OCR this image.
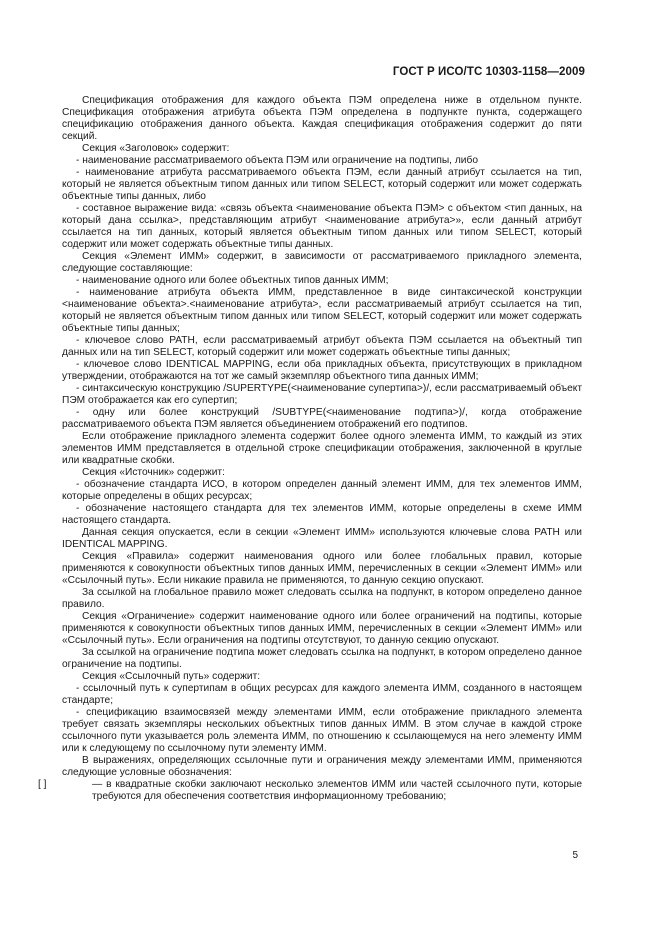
ГОСТ Р ИСО/ТС 10303-1158—2009

Спецификация отображения для каждого объекта ПЭМ определена ниже в отдельном пункте. Спецификация отображения атрибута объекта ПЭМ определена в подпункте пункта, содержащего спецификацию отображения данного объекта. Каждая спецификация отображения содержит до пяти секций.

Секция «Заголовок» содержит:

- наименование рассматриваемого объекта ПЭМ или ограничение на подтипы, либо

- наименование атрибута рассматриваемого объекта ПЭМ, если данный атрибут ссылается на тип, который не является объектным типом данных или типом SELECT, который содержит или может содержать объектные типы данных, либо

- составное выражение вида: «связь объекта <наименование объекта ПЭМ> с объектом <тип данных, на который дана ссылка>, представляющим атрибут <наименование атрибута>», если данный атрибут ссылается на тип данных, который является объектным типом данных или типом SELECT, который содержит или может содержать объектные типы данных.

Секция «Элемент ИММ» содержит, в зависимости от рассматриваемого прикладного элемента, следующие составляющие:

- наименование одного или более объектных типов данных ИММ;

- наименование атрибута объекта ИММ, представленное в виде синтаксической конструкции <наименование объекта>.<наименование атрибута>, если рассматриваемый атрибут ссылается на тип, который не является объектным типом данных или типом SELECT, который содержит или может содержать объектные типы данных;

- ключевое слово PATH, если рассматриваемый атрибут объекта ПЭМ ссылается на объектный тип данных или на тип SELECT, который содержит или может содержать объектные типы данных;

- ключевое слово IDENTICAL MAPPING, если оба прикладных объекта, присутствующих в прикладном утверждении, отображаются на тот же самый экземпляр объектного типа данных ИММ;

- синтаксическую конструкцию /SUPERTYPE(<наименование супертипа>)/, если рассматриваемый объект ПЭМ отображается как его супертип;

- одну или более конструкций /SUBTYPE(<наименование подтипа>)/, когда отображение рассматриваемого объекта ПЭМ является объединением отображений его подтипов.

Если отображение прикладного элемента содержит более одного элемента ИММ, то каждый из этих элементов ИММ представляется в отдельной строке спецификации отображения, заключенной в круглые или квадратные скобки.

Секция «Источник» содержит:

- обозначение стандарта ИСО, в котором определен данный элемент ИММ, для тех элементов ИММ, которые определены в общих ресурсах;

- обозначение настоящего стандарта для тех элементов ИММ, которые определены в схеме ИММ настоящего стандарта.

Данная секция опускается, если в секции «Элемент ИММ» используются ключевые слова PATH или IDENTICAL MAPPING.

Секция «Правила» содержит наименования одного или более глобальных правил, которые применяются к совокупности объектных типов данных ИММ, перечисленных в секции «Элемент ИММ» или «Ссылочный путь». Если никакие правила не применяются, то данную секцию опускают.

За ссылкой на глобальное правило может следовать ссылка на подпункт, в котором определено данное правило.

Секция «Ограничение» содержит наименование одного или более ограничений на подтипы, которые применяются к совокупности объектных типов данных ИММ, перечисленных в секции «Элемент ИММ» или «Ссылочный путь». Если ограничения на подтипы отсутствуют, то данную секцию опускают.

За ссылкой на ограничение подтипа может следовать ссылка на подпункт, в котором определено данное ограничение на подтипы.

Секция «Ссылочный путь» содержит:

- ссылочный путь к супертипам в общих ресурсах для каждого элемента ИММ, созданного в настоящем стандарте;

- спецификацию взаимосвязей между элементами ИММ, если отображение прикладного элемента требует связать экземпляры нескольких объектных типов данных ИММ. В этом случае в каждой строке ссылочного пути указывается роль элемента ИММ, по отношению к ссылающемуся на него элементу ИММ или к следующему по ссылочному пути элементу ИММ.

В выражениях, определяющих ссылочные пути и ограничения между элементами ИММ, применяются следующие условные обозначения:

[ ]	— в квадратные скобки заключают несколько элементов ИММ или частей ссылочного пути, которые требуются для обеспечения соответствия информационному требованию;

5
